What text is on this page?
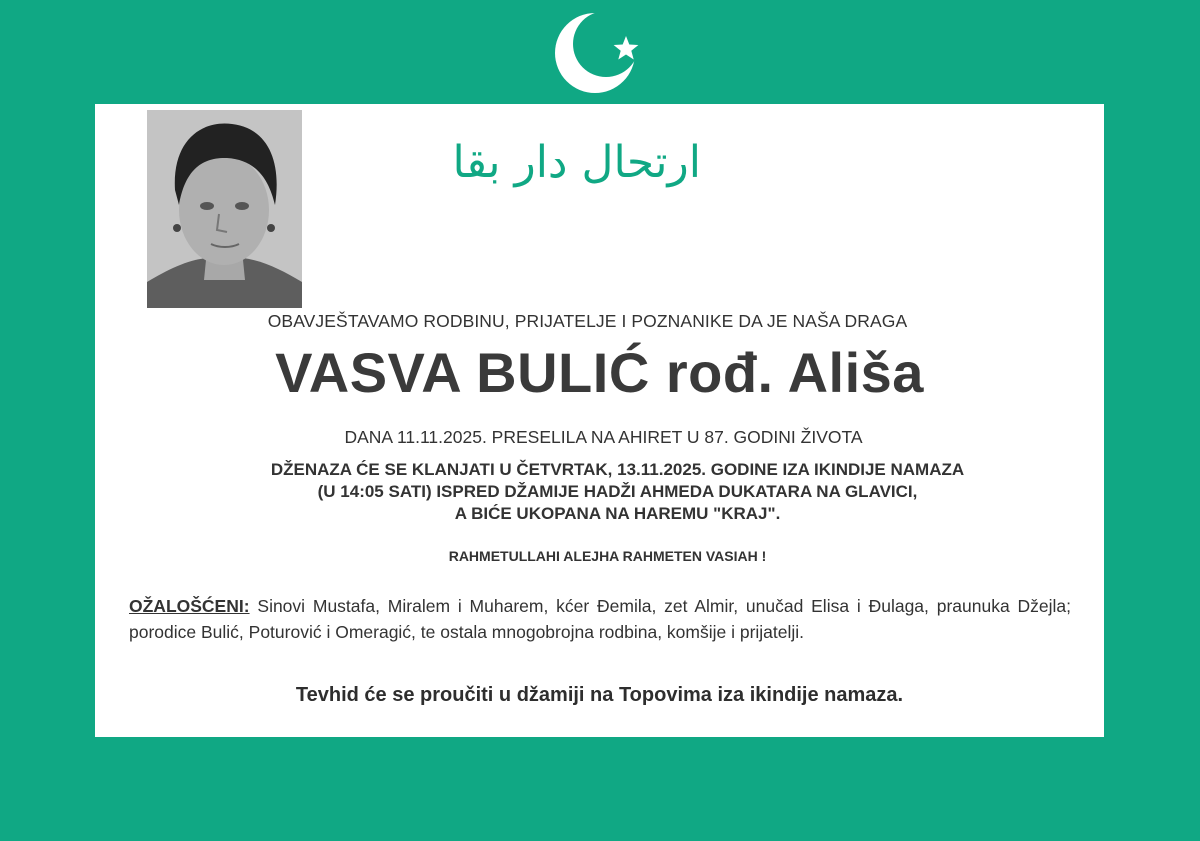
ارتحال دار بقا
OBAVJEŠTAVAMO RODBINU, PRIJATELJE I POZNANIKE DA JE NAŠA DRAGA
VASVA BULIĆ rođ. Ališa
DANA 11.11.2025. PRESELILA NA AHIRET U 87. GODINI ŽIVOTA
DŽENAZA ĆE SE KLANJATI U ČETVRTAK, 13.11.2025. GODINE IZA IKINDIJE NAMAZA
(U 14:05 SATI) ISPRED DŽAMIJE HADŽI AHMEDA DUKATARA NA GLAVICI,
A BIĆE UKOPANA NA HAREMU "KRAJ".
RAHMETULLAHI ALEJHA RAHMETEN VASIAH !
OŽALOŠĆENI: Sinovi Mustafa, Miralem i Muharem, kćer Đemila, zet Almir, unučad Elisa i Đulaga, praunuka Džejla; porodice Bulić, Poturović i Omeragić, te ostala mnogobrojna rodbina, komšije i prijatelji.
Tevhid će se proučiti u džamiji na Topovima iza ikindije namaza.
